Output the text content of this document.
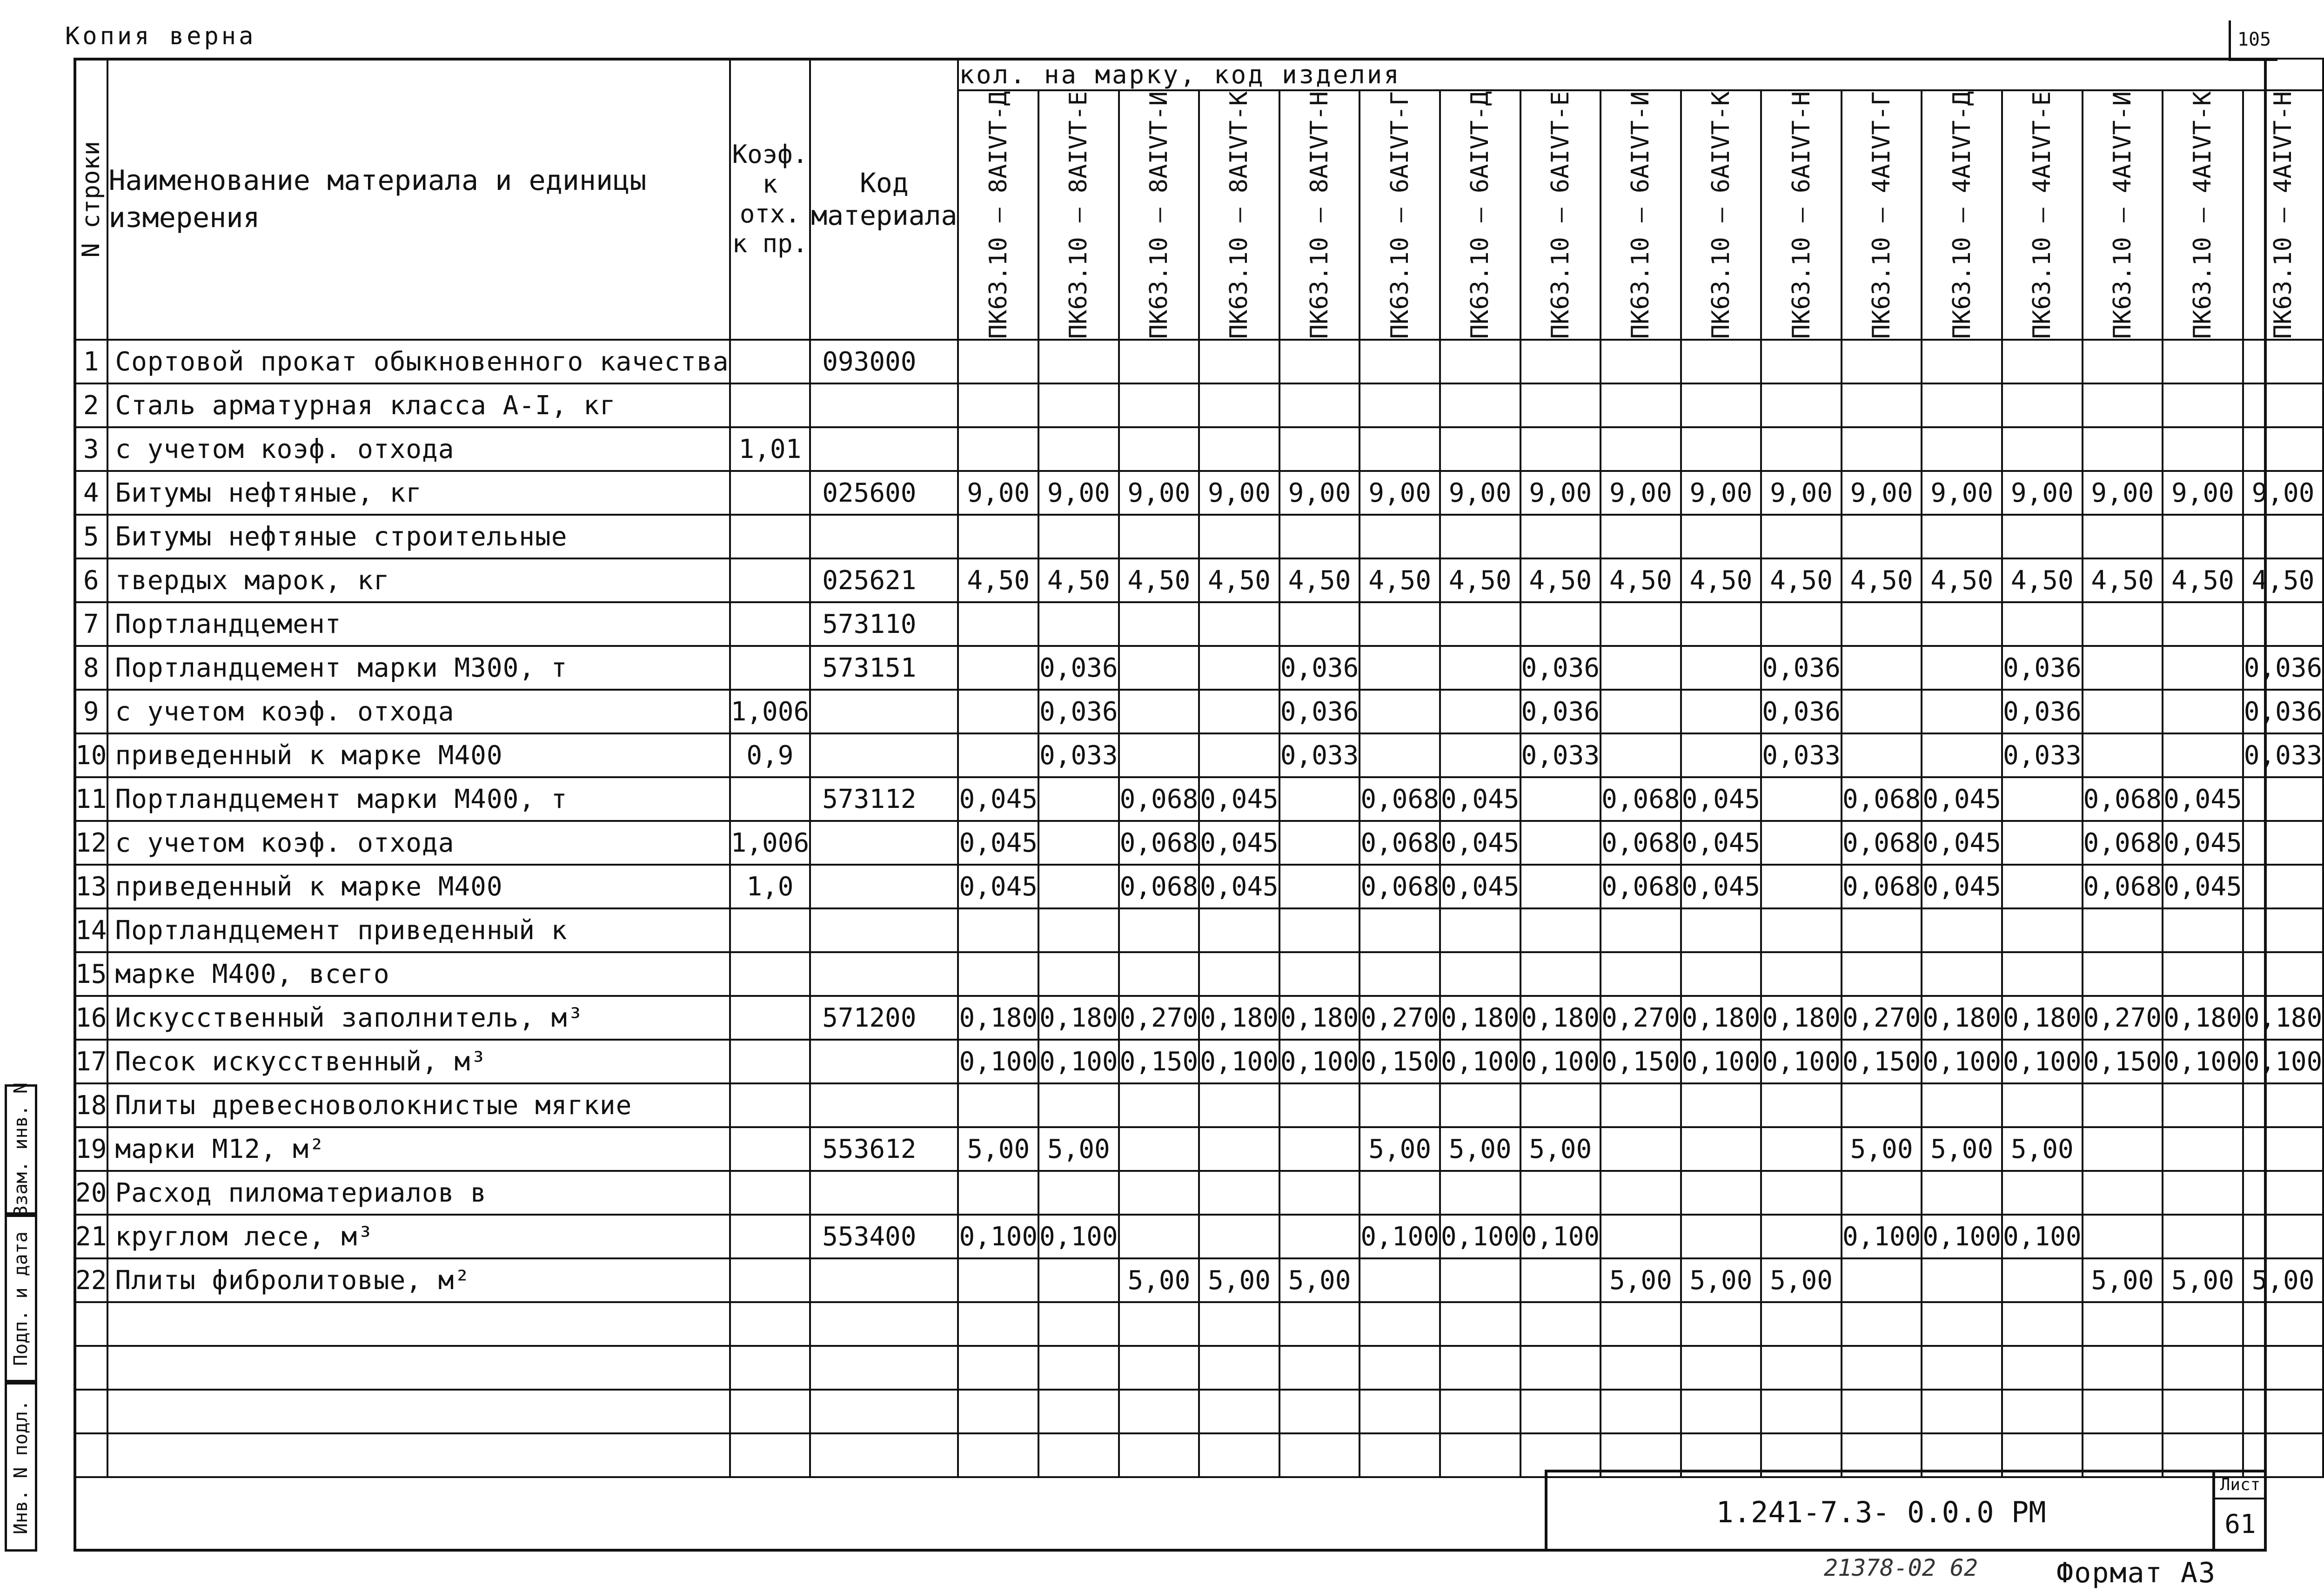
Копия верна	105
N строки	Наименование материала и единицы измерения	Коэф. к отх. к пр.	Код материала	кол. на марку, код изделия																

				ПК63.10 — 8АIVТ-Д	ПК63.10 — 8АIVТ-Е	ПК63.10 — 8АIVТ-И	ПК63.10 — 8АIVТ-К	ПК63.10 — 8АIVТ-Н	ПК63.10 — 6АIVТ-Г	ПК63.10 — 6АIVТ-Д	ПК63.10 — 6АIVТ-Е	ПК63.10 — 6АIVТ-И	ПК63.10 — 6АIVТ-К	ПК63.10 — 6АIVТ-Н	ПК63.10 — 4АIVТ-Г	ПК63.10 — 4АIVТ-Д	ПК63.10 — 4АIVТ-Е	ПК63.10 — 4АIVТ-И	ПК63.10 — 4АIVТ-К	ПК63.10 — 4АIVТ-Н

1	Сортовой прокат обыкновенного качества		093000																	
2	Сталь арматурная класса А-I, кг																			
3	с учетом коэф. отхода	1,01																		
4	Битумы нефтяные, кг		025600	9,00	9,00	9,00	9,00	9,00	9,00	9,00	9,00	9,00	9,00	9,00	9,00	9,00	9,00	9,00	9,00	9,00
5	Битумы нефтяные строительные																			
6	твердых марок, кг		025621	4,50	4,50	4,50	4,50	4,50	4,50	4,50	4,50	4,50	4,50	4,50	4,50	4,50	4,50	4,50	4,50	4,50
7	Портландцемент		573110																	
8	Портландцемент марки М300, т		573151		0,036			0,036			0,036			0,036			0,036			0,036
9	с учетом коэф. отхода	1,006			0,036			0,036			0,036			0,036			0,036			0,036
10	приведенный к марке М400	0,9			0,033			0,033			0,033			0,033			0,033			0,033
11	Портландцемент марки М400, т		573112	0,045		0,068	0,045		0,068	0,045		0,068	0,045		0,068	0,045		0,068	0,045	
12	с учетом коэф. отхода	1,006		0,045		0,068	0,045		0,068	0,045		0,068	0,045		0,068	0,045		0,068	0,045	
13	приведенный к марке М400	1,0		0,045		0,068	0,045		0,068	0,045		0,068	0,045		0,068	0,045		0,068	0,045	
14	Портландцемент приведенный к																			
15	марке М400, всего																			
16	Искусственный заполнитель, м³		571200	0,180	0,180	0,270	0,180	0,180	0,270	0,180	0,180	0,270	0,180	0,180	0,270	0,180	0,180	0,270	0,180	0,180
17	Песок искусственный, м³			0,100	0,100	0,150	0,100	0,100	0,150	0,100	0,100	0,150	0,100	0,100	0,150	0,100	0,100	0,150	0,100	0,100
18	Плиты древесноволокнистые мягкие																			
19	марки М12, м²		553612	5,00	5,00				5,00	5,00	5,00				5,00	5,00	5,00			
20	Расход пиломатериалов в																			
21	круглом лесе, м³		553400	0,100	0,100				0,100	0,100	0,100				0,100	0,100	0,100			
22	Плиты фибролитовые, м²					5,00	5,00	5,00				5,00	5,00	5,00				5,00	5,00	5,00

Инв. N подл.
Подп. и дата
Взам. инв. N
1.241-7.3- 0.0.0 РМ
Лист
61
21378-02 62	Формат А3
